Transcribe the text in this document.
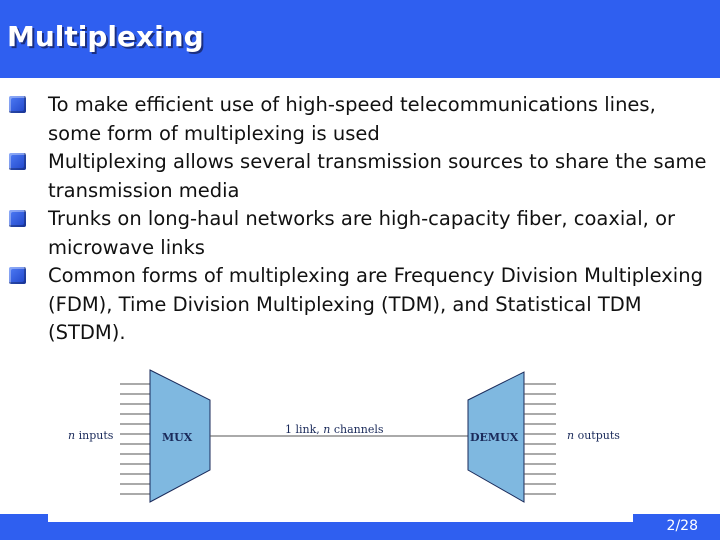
Multiplexing
To make efficient use of high-speed telecommunications lines, some form of multiplexing is used
Multiplexing allows several transmission sources to share the same transmission media
Trunks on long-haul networks are high-capacity fiber, coaxial, or microwave links
Common forms of multiplexing are Frequency Division Multiplexing (FDM), Time Division Multiplexing (TDM), and Statistical TDM (STDM).
n inputs	MUX
1 link, n channels
DEMUX	n outputs
2/28
